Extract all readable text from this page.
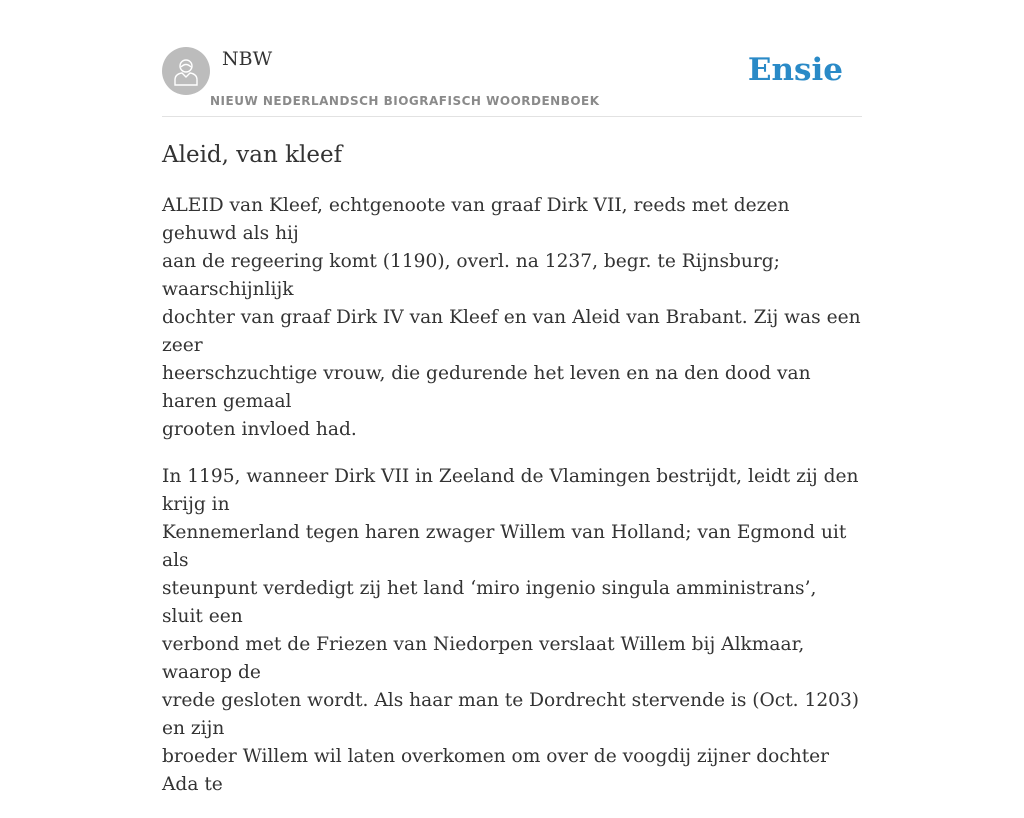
NBW
NIEUW NEDERLANDSCH BIOGRAFISCH WOORDENBOEK
Ensie
Aleid, van kleef

ALEID van Kleef, echtgenoote van graaf Dirk VII, reeds met dezen gehuwd als hij
aan de regeering komt (1190), overl. na 1237, begr. te Rijnsburg; waarschijnlijk
dochter van graaf Dirk IV van Kleef en van Aleid van Brabant. Zij was een zeer
heerschzuchtige vrouw, die gedurende het leven en na den dood van haren gemaal
grooten invloed had.

In 1195, wanneer Dirk VII in Zeeland de Vlamingen bestrijdt, leidt zij den krijg in
Kennemerland tegen haren zwager Willem van Holland; van Egmond uit als
steunpunt verdedigt zij het land ‘miro ingenio singula amministrans’, sluit een
verbond met de Friezen van Niedorpen verslaat Willem bij Alkmaar, waarop de
vrede gesloten wordt. Als haar man te Dordrecht stervende is (Oct. 1203) en zijn
broeder Willem wil laten overkomen om over de voogdij zijner dochter Ada te
